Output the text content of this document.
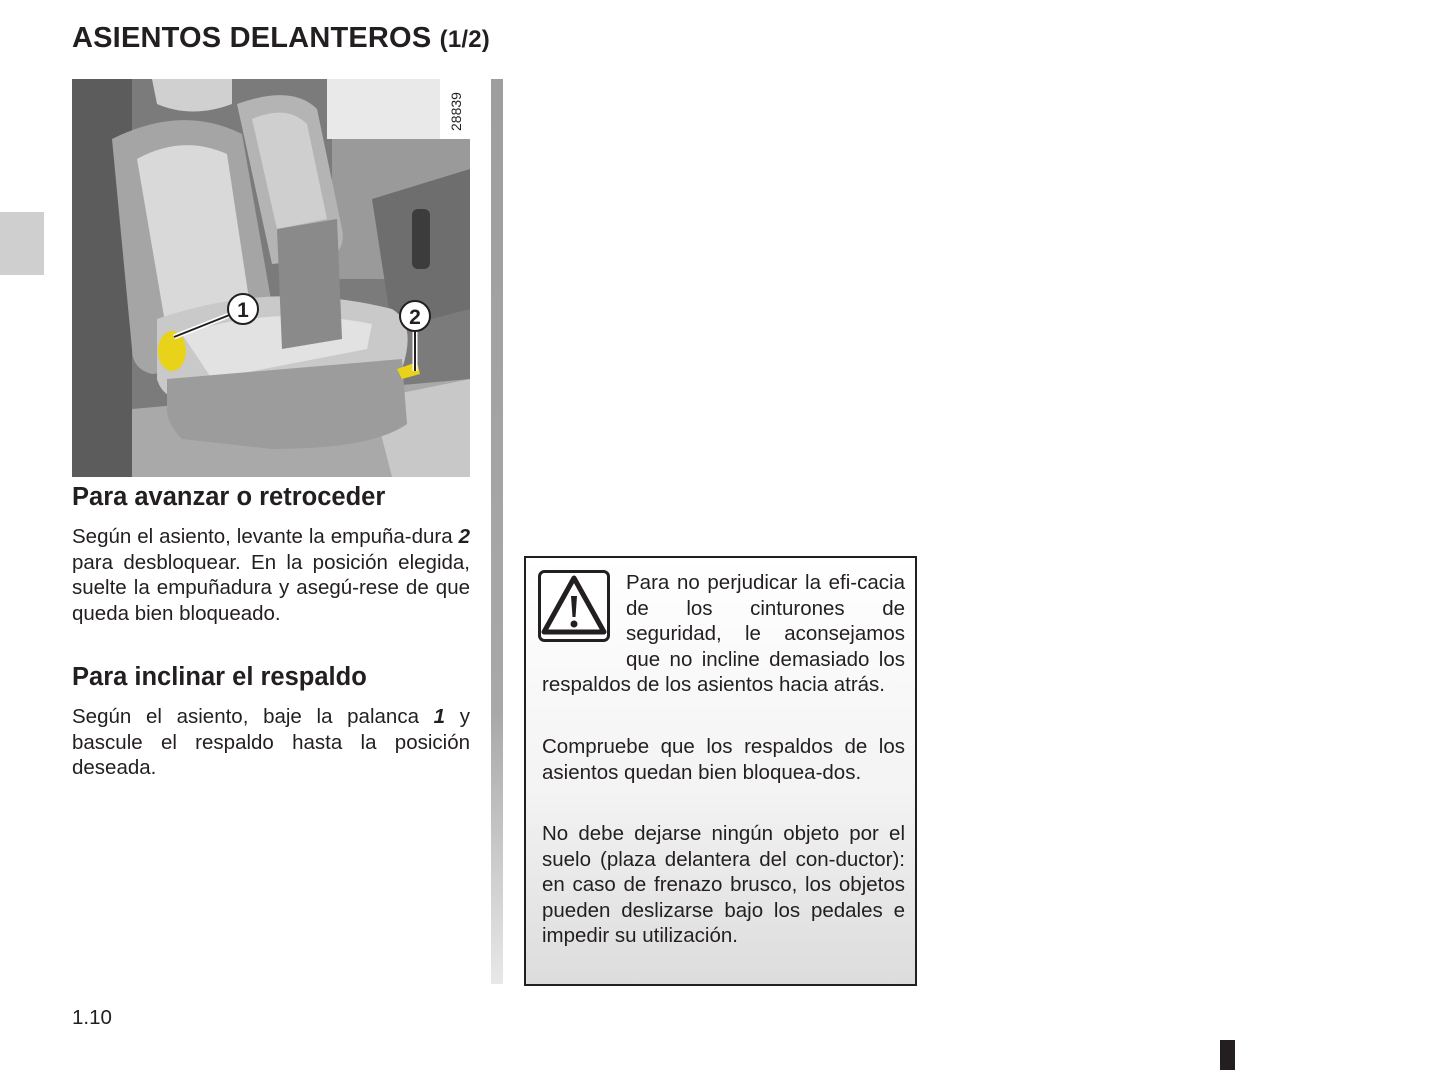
ASIENTOS DELANTEROS (1/2)
1	2
28839
Para avanzar o retroceder

Según el asiento, levante la empuña-dura 2 para desbloquear. En la posición elegida, suelte la empuñadura y asegú-rese de que queda bien bloqueado.

Para inclinar el respaldo

Según el asiento, baje la palanca 1 y bascule el respaldo hasta la posición deseada.

Para no perjudicar la efi-cacia de los cinturones de seguridad, le aconsejamos que no incline demasiado los respaldos de los asientos hacia atrás.

Compruebe que los respaldos de los asientos quedan bien bloquea-dos.

No debe dejarse ningún objeto por el suelo (plaza delantera del con-ductor): en caso de frenazo brusco, los objetos pueden deslizarse bajo los pedales e impedir su utilización.

1.10
